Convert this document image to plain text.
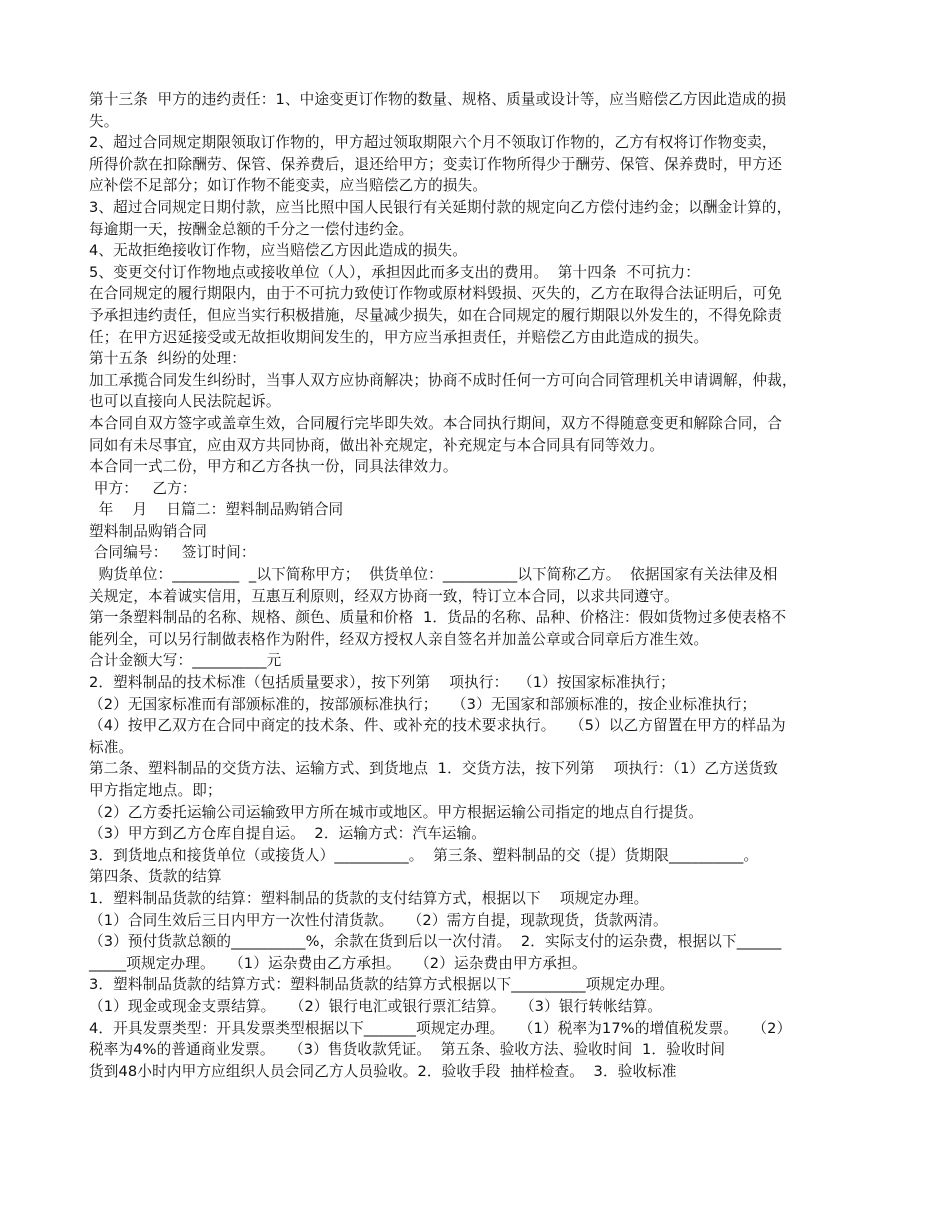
第十三条  甲方的违约责任：1、中途变更订作物的数量、规格、质量或设计等，应当赔偿乙方因此造成的损
失。
2、超过合同规定期限领取订作物的，甲方超过领取期限六个月不领取订作物的，乙方有权将订作物变卖，
所得价款在扣除酬劳、保管、保养费后，退还给甲方；变卖订作物所得少于酬劳、保管、保养费时，甲方还
应补偿不足部分；如订作物不能变卖，应当赔偿乙方的损失。
3、超过合同规定日期付款，应当比照中国人民银行有关延期付款的规定向乙方偿付违约金；以酬金计算的，
每逾期一天，按酬金总额的千分之一偿付违约金。
4、无故拒绝接收订作物，应当赔偿乙方因此造成的损失。
5、变更交付订作物地点或接收单位（人），承担因此而多支出的费用。  第十四条  不可抗力：
在合同规定的履行期限内，由于不可抗力致使订作物或原材料毁损、灭失的，乙方在取得合法证明后，可免
予承担违约责任，但应当实行积极措施，尽量减少损失，如在合同规定的履行期限以外发生的，不得免除责
任；在甲方迟延接受或无故拒收期间发生的，甲方应当承担责任，并赔偿乙方由此造成的损失。
第十五条  纠纷的处理：
加工承揽合同发生纠纷时，当事人双方应协商解决；协商不成时任何一方可向合同管理机关申请调解，仲裁，
也可以直接向人民法院起诉。
本合同自双方签字或盖章生效，合同履行完毕即失效。本合同执行期间，双方不得随意变更和解除合同，合
同如有未尽事宜，应由双方共同协商，做出补充规定，补充规定与本合同具有同等效力。
本合同一式二份，甲方和乙方各执一份，同具法律效力。
甲方：   乙方：
年    月    日篇二：塑料制品购销合同
塑料制品购销合同
合同编号：   签订时间：
购货单位：_________  _以下简称甲方；  供货单位：__________以下简称乙方。  依据国家有关法律及相
关规定，本着诚实信用，互惠互利原则，经双方协商一致，特订立本合同，以求共同遵守。
第一条塑料制品的名称、规格、颜色、质量和价格  1．货品的名称、品种、价格注：假如货物过多使表格不
能列全，可以另行制做表格作为附件，经双方授权人亲自签名并加盖公章或合同章后方准生效。
合计金额大写：__________元
2．塑料制品的技术标准（包括质量要求），按下列第    项执行：  （1）按国家标准执行；
（2）无国家标准而有部颁标准的，按部颁标准执行；   （3）无国家和部颁标准的，按企业标准执行；
（4）按甲乙双方在合同中商定的技术条、件、或补充的技术要求执行。   （5）以乙方留置在甲方的样品为
标准。
第二条、塑料制品的交货方法、运输方式、到货地点  1．交货方法，按下列第    项执行：（1）乙方送货致
甲方指定地点。即；
（2）乙方委托运输公司运输致甲方所在城市或地区。甲方根据运输公司指定的地点自行提货。
（3）甲方到乙方仓库自提自运。  2．运输方式：汽车运输。
3．到货地点和接货单位（或接货人）__________。  第三条、塑料制品的交（提）货期限__________。
第四条、货款的结算
1．塑料制品货款的结算：塑料制品的货款的支付结算方式，根据以下    项规定办理。
（1）合同生效后三日内甲方一次性付清货款。   （2）需方自提，现款现货，货款两清。
（3）预付货款总额的__________%，余款在货到后以一次付清。  2．实际支付的运杂费，根据以下______
_____项规定办理。   （1）运杂费由乙方承担。   （2）运杂费由甲方承担。
3．塑料制品货款的结算方式：塑料制品货款的结算方式根据以下__________项规定办理。
（1）现金或现金支票结算。   （2）银行电汇或银行票汇结算。   （3）银行转帐结算。
4．开具发票类型：开具发票类型根据以下_______项规定办理。   （1）税率为17%的增值税发票。   （2）
税率为4%的普通商业发票。   （3）售货收款凭证。  第五条、验收方法、验收时间  1．验收时间
货到48小时内甲方应组织人员会同乙方人员验收。2．验收手段  抽样检查。  3．验收标准
